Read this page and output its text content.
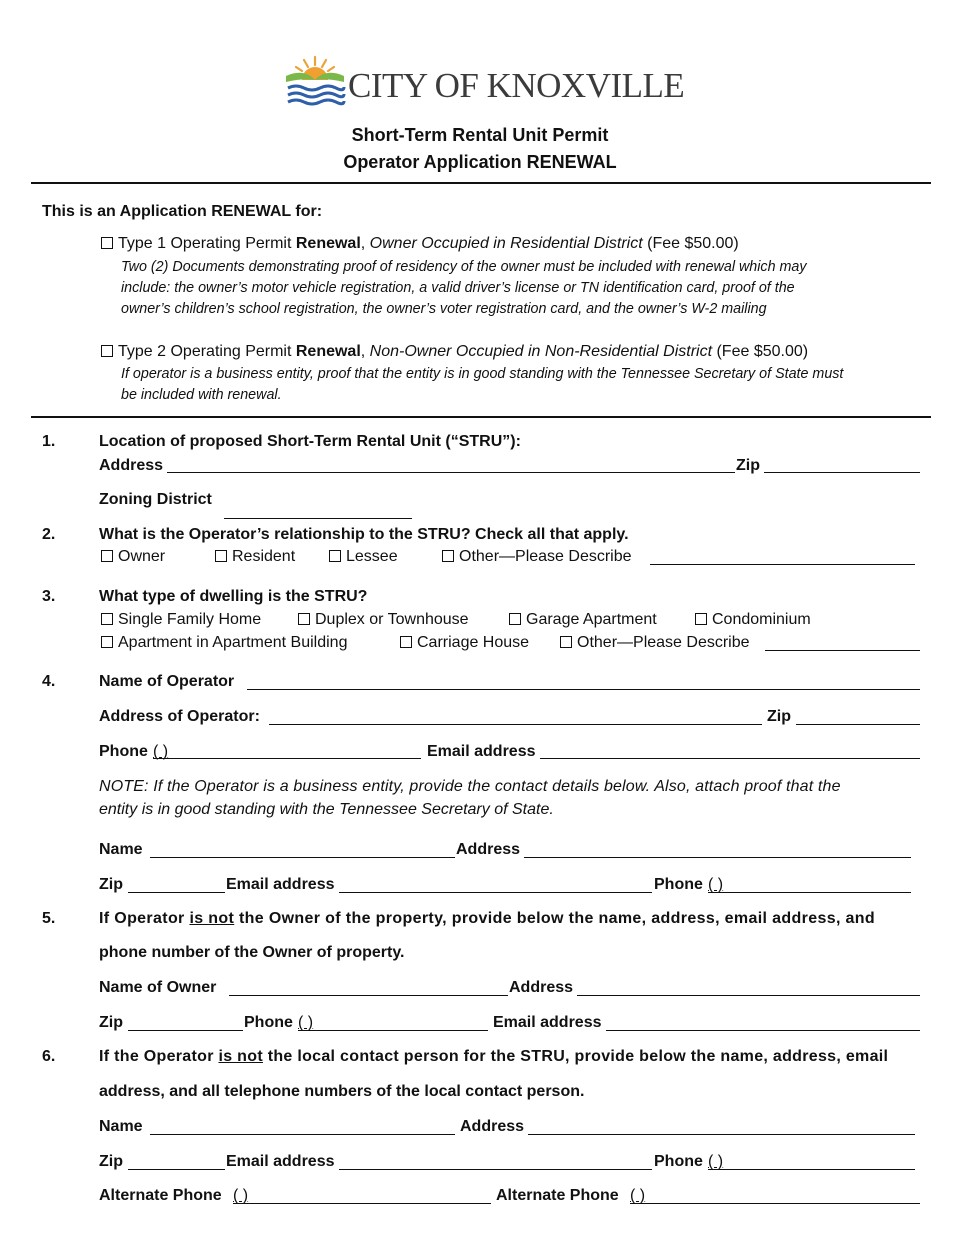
CITY OF KNOXVILLE
Short-Term Rental Unit Permit
Operator Application RENEWAL
This is an Application RENEWAL for:
Type 1 Operating Permit Renewal, Owner Occupied in Residential District (Fee $50.00)
Two (2) Documents demonstrating proof of residency of the owner must be included with renewal which may
include: the owner’s motor vehicle registration, a valid driver’s license or TN identification card, proof of the
owner’s children’s school registration, the owner’s voter registration card, and the owner’s W-2 mailing
Type 2 Operating Permit Renewal, Non-Owner Occupied in Non-Residential District (Fee $50.00)
If operator is a business entity, proof that the entity is in good standing with the Tennessee Secretary of State must
be included with renewal.
1.	Location of proposed Short-Term Rental Unit (“STRU”):
Address	Zip
Zoning District
2.	What is the Operator’s relationship to the STRU? Check all that apply.
Owner	Resident	Lessee	Other—Please Describe
3.	What type of dwelling is the STRU?
Single Family Home	Duplex or Townhouse	Garage Apartment	Condominium
Apartment in Apartment Building	Carriage House	Other—Please Describe
4.	Name of Operator
Address of Operator:	Zip
Phone ( )	Email address
NOTE: If the Operator is a business entity, provide the contact details below. Also, attach proof that the
entity is in good standing with the Tennessee Secretary of State.
Name	Address
Zip	Email address	Phone ( )
5.	If Operator is not the Owner of the property, provide below the name, address, email address, and
phone number of the Owner of property.
Name of Owner	Address
Zip	Phone ( )	Email address
6.	If the Operator is not the local contact person for the STRU, provide below the name, address, email
address, and all telephone numbers of the local contact person.
Name	Address
Zip	Email address	Phone ( )
Alternate Phone ( )	Alternate Phone ( )
